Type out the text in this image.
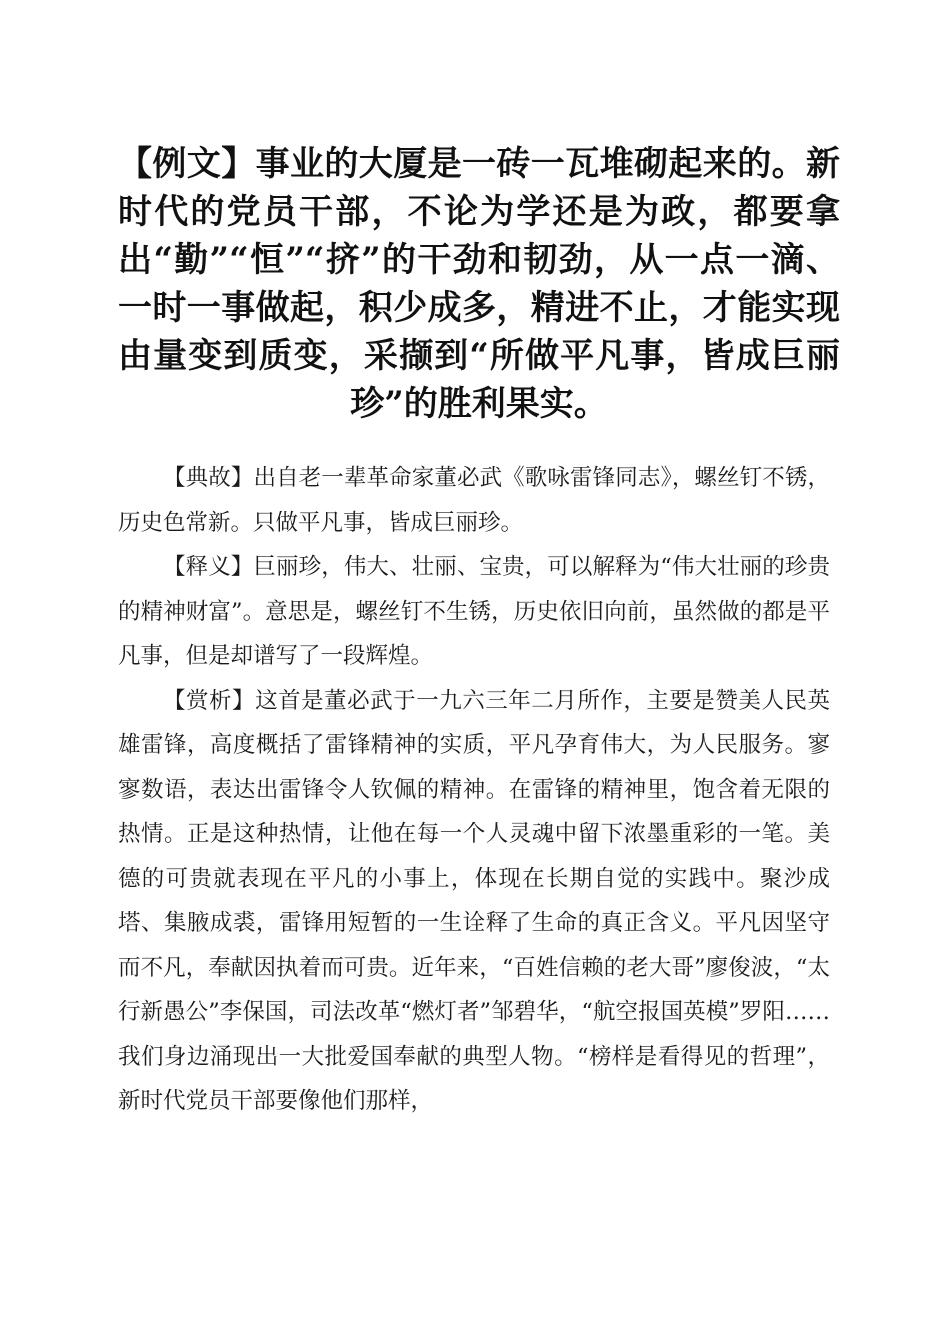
【例文】事业的大厦是一砖一瓦堆砌起来的。新时代的党员干部，不论为学还是为政，都要拿出“勤”“恒”“挤”的干劲和韧劲，从一点一滴、一时一事做起，积少成多，精进不止，才能实现由量变到质变，采撷到“所做平凡事，皆成巨丽珍”的胜利果实。

【典故】出自老一辈革命家董必武《歌咏雷锋同志》，螺丝钉不锈，历史色常新。只做平凡事，皆成巨丽珍。

【释义】巨丽珍，伟大、壮丽、宝贵，可以解释为“伟大壮丽的珍贵的精神财富”。意思是，螺丝钉不生锈，历史依旧向前，虽然做的都是平凡事，但是却谱写了一段辉煌。

【赏析】这首是董必武于一九六三年二月所作，主要是赞美人民英雄雷锋，高度概括了雷锋精神的实质，平凡孕育伟大，为人民服务。寥寥数语，表达出雷锋令人钦佩的精神。在雷锋的精神里，饱含着无限的热情。正是这种热情，让他在每一个人灵魂中留下浓墨重彩的一笔。美德的可贵就表现在平凡的小事上，体现在长期自觉的实践中。聚沙成塔、集腋成裘，雷锋用短暂的一生诠释了生命的真正含义。平凡因坚守而不凡，奉献因执着而可贵。近年来，“百姓信赖的老大哥”廖俊波，“太行新愚公”李保国，司法改革“燃灯者”邹碧华，“航空报国英模”罗阳……我们身边涌现出一大批爱国奉献的典型人物。“榜样是看得见的哲理”，新时代党员干部要像他们那样，
